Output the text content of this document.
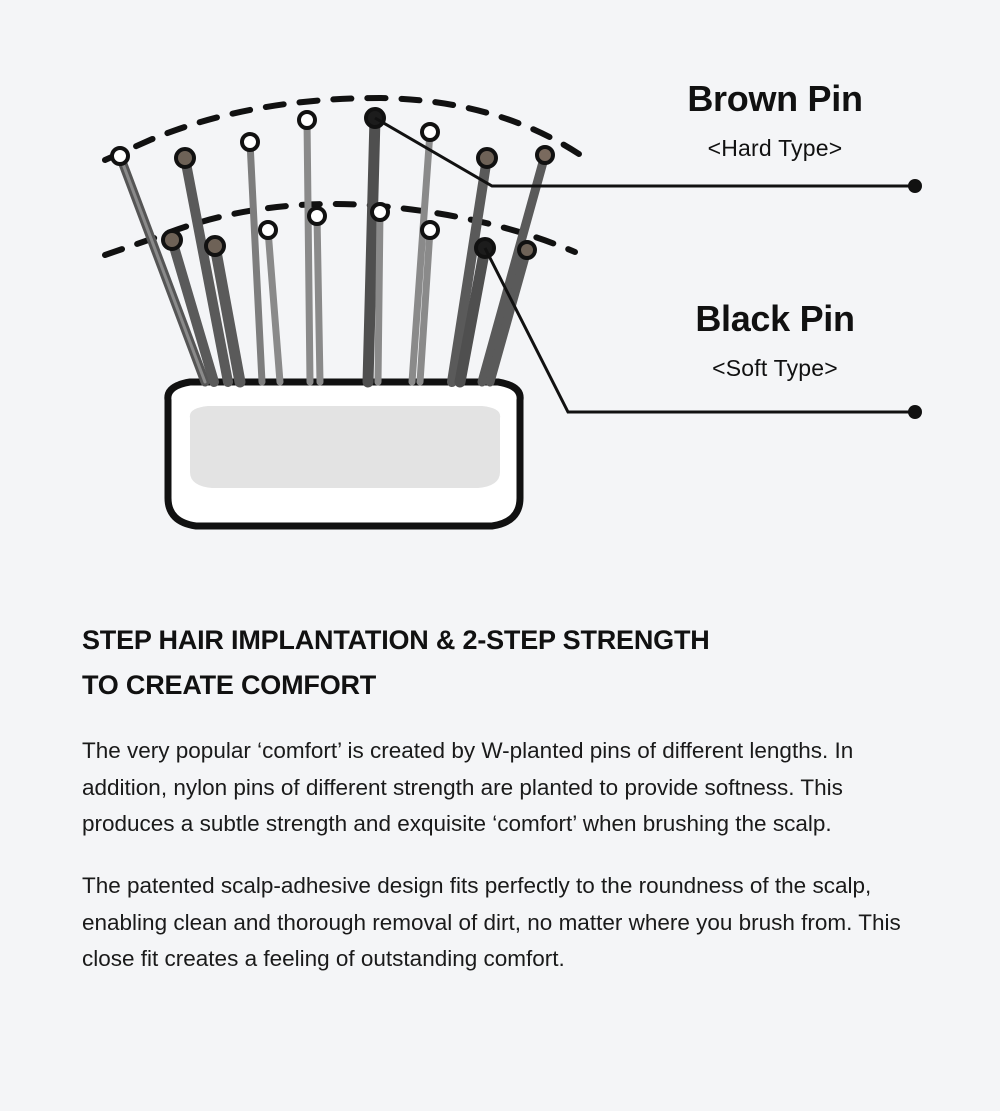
Brown Pin

<Hard Type>

Black Pin

<Soft Type>

STEP HAIR IMPLANTATION & 2-STEP STRENGTH TO CREATE COMFORT

The very popular ‘comfort’ is created by W-planted pins of different lengths. In addition, nylon pins of different strength are planted to provide softness. This produces a subtle strength and exquisite ‘comfort’ when brushing the scalp.

The patented scalp-adhesive design fits perfectly to the roundness of the scalp, enabling clean and thorough removal of dirt, no matter where you brush from. This close fit creates a feeling of outstanding comfort.
